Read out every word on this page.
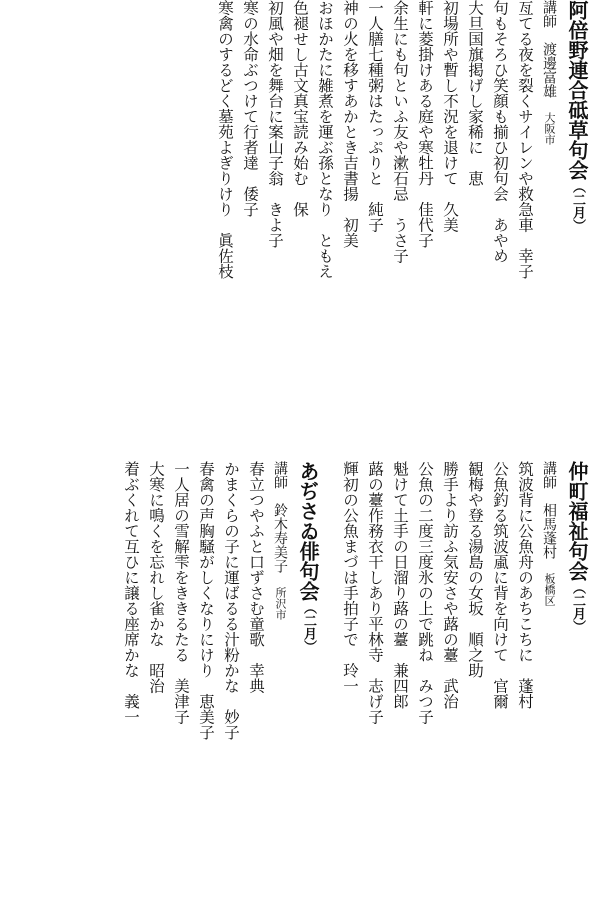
阿倍野連合砥草句会（二月）
講師　渡邊富雄　大阪市
亙てる夜を裂くサイレンや救急車　幸子
句もそろひ笑顔も揃ひ初句会　あやめ
大旦国旗掲げし家稀に　恵
初場所や暫し不況を退けて　久美
軒に菱掛けある庭や寒牡丹　佳代子
余生にも句といふ友や漱石忌　うさ子
一人膳七種粥はたっぷりと　純子
神の火を移すあかとき吉書揚　初美
おほかたに雑煮を運ぶ孫となり　ともえ
色褪せし古文真宝読み始む　保
初風や畑を舞台に案山子翁　きよ子
寒の水命ぶつけて行者達　倭子
寒禽のするどく墓苑よぎりけり　眞佐枝
仲町福祉句会（二月）
講師　相馬蓬村　板橋区
筑波背に公魚舟のあちこちに　蓬村
公魚釣る筑波颪に背を向けて　官爾
観梅や登る湯島の女坂　順之助
勝手より訪ふ気安さや蕗の薹　武治
公魚の二度三度氷の上で跳ね　みつ子
魁けて土手の日溜り蕗の薹　兼四郎
蕗の薹作務衣干しあり平林寺　志げ子
輝初の公魚まづは手拍子で　玲一
あぢさゐ俳句会（二月）
講師　鈴木寿美子　所沢市
春立つやふと口ずさむ童歌　幸典
かまくらの子に運ばるる汁粉かな　妙子
春禽の声胸騒がしくなりにけり　恵美子
一人居の雪解雫をききるたる　美津子
大寒に鳴くを忘れし雀かな　昭治
着ぶくれて互ひに譲る座席かな　義一
